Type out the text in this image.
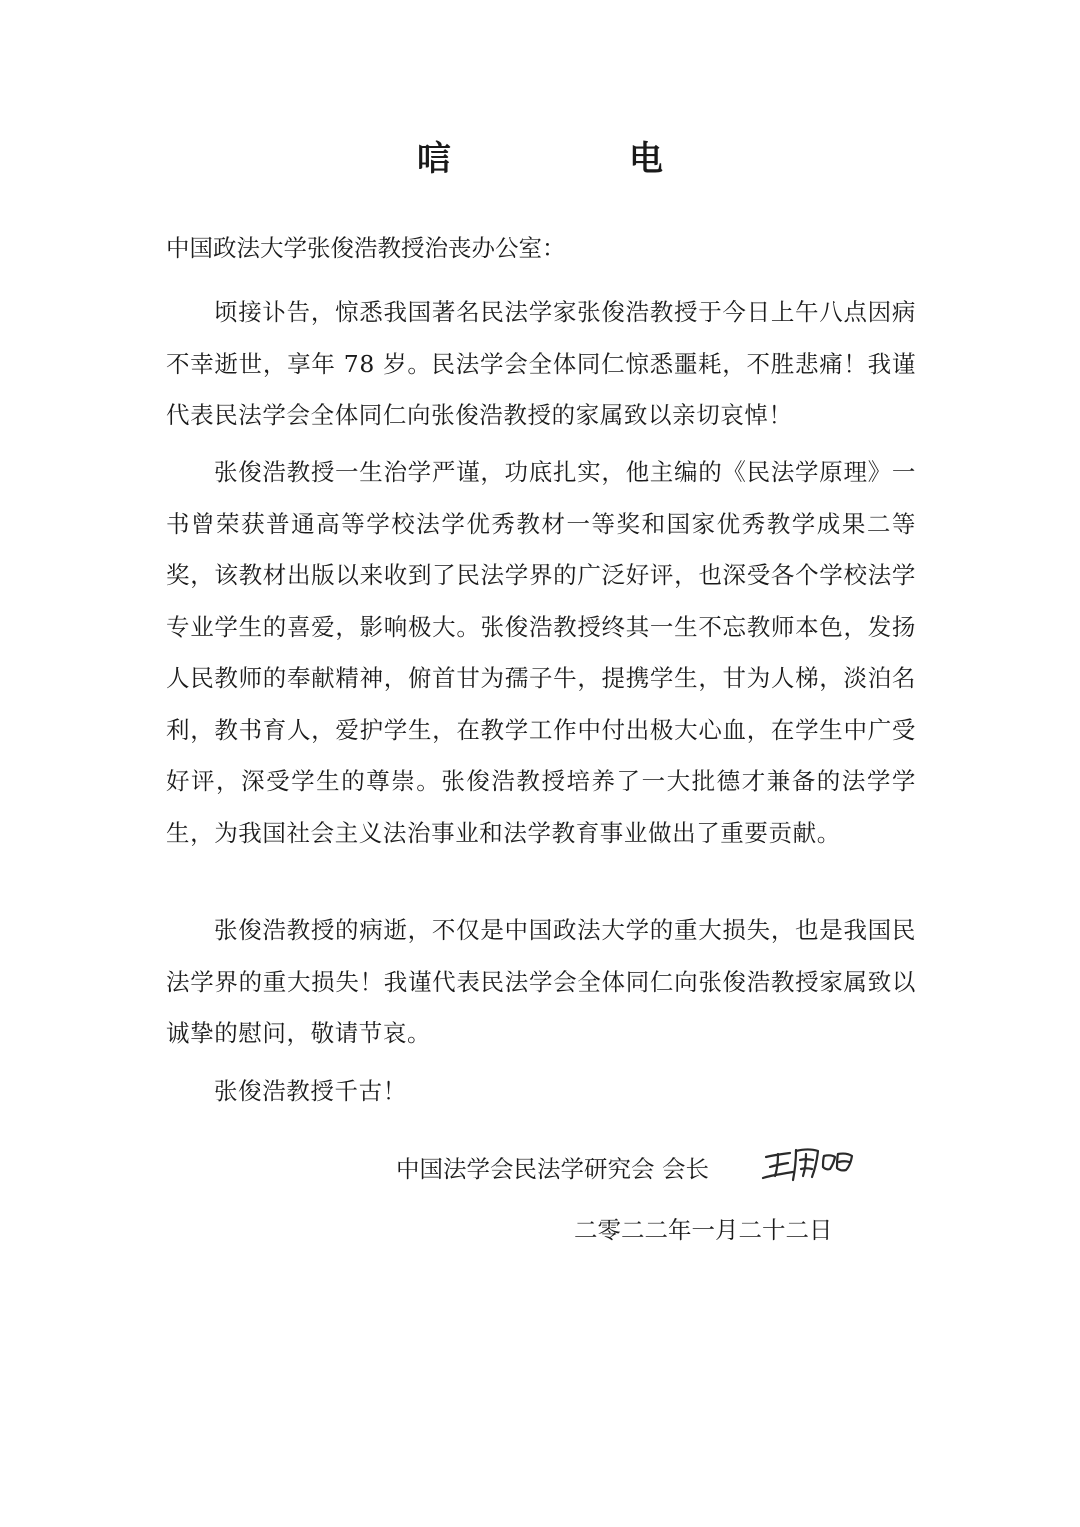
唁　电
中国政法大学张俊浩教授治丧办公室：
顷接讣告，惊悉我国著名民法学家张俊浩教授于今日上午八点因病不幸逝世，享年 78 岁。民法学会全体同仁惊悉噩耗，不胜悲痛！我谨代表民法学会全体同仁向张俊浩教授的家属致以亲切哀悼！
张俊浩教授一生治学严谨，功底扎实，他主编的《民法学原理》一书曾荣获普通高等学校法学优秀教材一等奖和国家优秀教学成果二等奖，该教材出版以来收到了民法学界的广泛好评，也深受各个学校法学专业学生的喜爱，影响极大。张俊浩教授终其一生不忘教师本色，发扬人民教师的奉献精神，俯首甘为孺子牛，提携学生，甘为人梯，淡泊名利，教书育人，爱护学生，在教学工作中付出极大心血，在学生中广受好评，深受学生的尊崇。张俊浩教授培养了一大批德才兼备的法学学生，为我国社会主义法治事业和法学教育事业做出了重要贡献。
张俊浩教授的病逝，不仅是中国政法大学的重大损失，也是我国民法学界的重大损失！我谨代表民法学会全体同仁向张俊浩教授家属致以诚挚的慰问，敬请节哀。
张俊浩教授千古！
中国法学会民法学研究会 会长
二零二二年一月二十二日
